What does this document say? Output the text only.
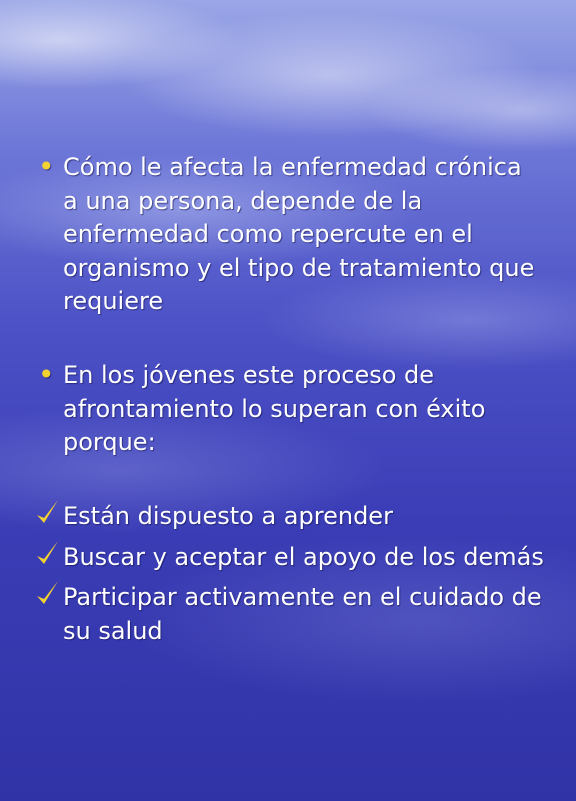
• Cómo le afecta la enfermedad crónica a una persona, depende de la enfermedad como repercute en el organismo y el tipo de tratamiento que requiere
• En los jóvenes este proceso de afrontamiento lo superan con éxito porque:
Están dispuesto a aprender
Buscar y aceptar el apoyo de los demás
Participar activamente en el cuidado de su salud
